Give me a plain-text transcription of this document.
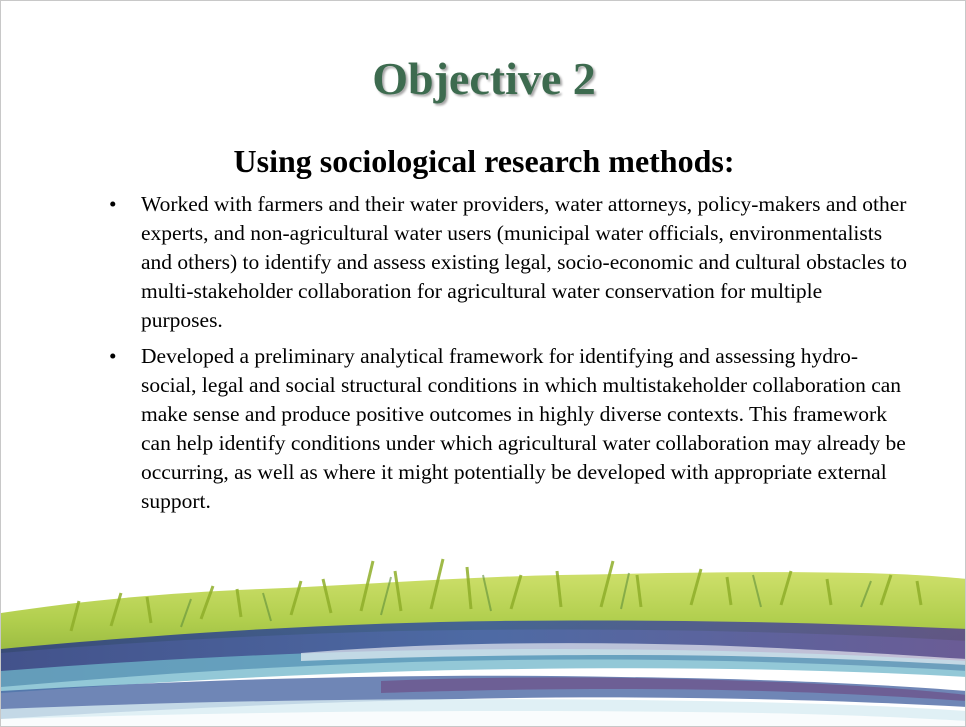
Objective 2
Using sociological research methods:
•	Worked with farmers and their water providers, water attorneys, policy-makers and other experts, and non-agricultural water users (municipal water officials, environmentalists and others) to identify and assess existing legal, socio-economic and cultural obstacles to multi-stakeholder collaboration for agricultural water conservation for multiple purposes.
•	Developed a preliminary analytical framework for identifying and assessing hydro-social, legal and social structural conditions in which multistakeholder collaboration can make sense and produce positive outcomes in highly diverse contexts. This framework can help identify conditions under which agricultural water collaboration may already be occurring, as well as where it might potentially be developed with appropriate external support.
